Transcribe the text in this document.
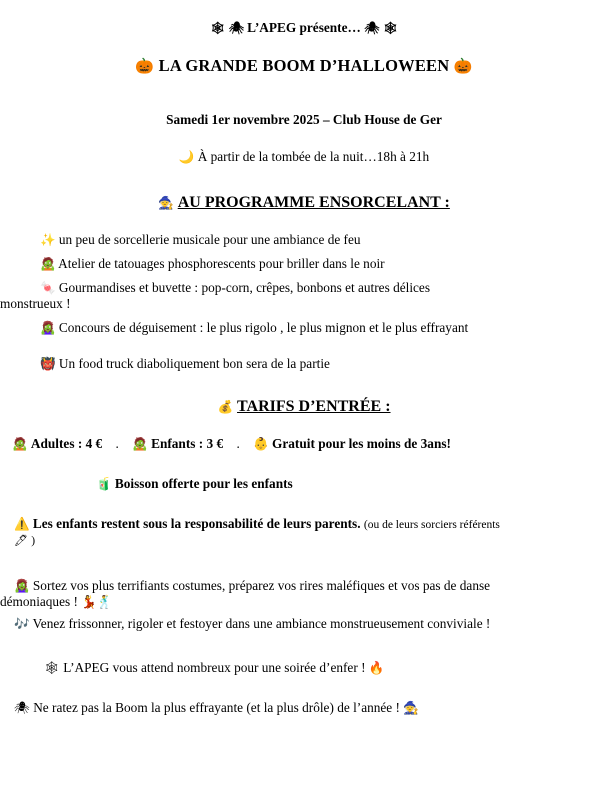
🕸 🕷 L’APEG présente… 🕷 🕸
🎃 LA GRANDE BOOM D’HALLOWEEN 🎃
Samedi 1er novembre 2025 – Club House de Ger
🌙 À partir de la tombée de la nuit…18h à 21h
🧙 AU PROGRAMME ENSORCELANT :
✨ un peu de sorcellerie musicale pour une ambiance de feu
🧟 Atelier de tatouages phosphorescents pour briller dans le noir
🍬 Gourmandises et buvette : pop-corn, crêpes, bonbons et autres délices
monstrueux !
🧟‍♀️ Concours de déguisement : le plus rigolo , le plus mignon et le plus effrayant
👹 Un food truck diaboliquement bon sera de la partie
💰 TARIFS D’ENTRÉE :
🧟 Adultes : 4 € . 🧟 Enfants : 3 € . 👶 Gratuit pour les moins de 3ans!
🧃 Boisson offerte pour les enfants
⚠️ Les enfants restent sous la responsabilité de leurs parents. (ou de leurs sorciers référents
🖊 )
🧟‍♀️ Sortez vos plus terrifiants costumes, préparez vos rires maléfiques et vos pas de danse
démoniaques ! 💃🕺
🎶 Venez frissonner, rigoler et festoyer dans une ambiance monstrueusement conviviale !
🕸 L’APEG vous attend nombreux pour une soirée d’enfer ! 🔥
🕷 Ne ratez pas la Boom la plus effrayante (et la plus drôle) de l’année ! 🧙
